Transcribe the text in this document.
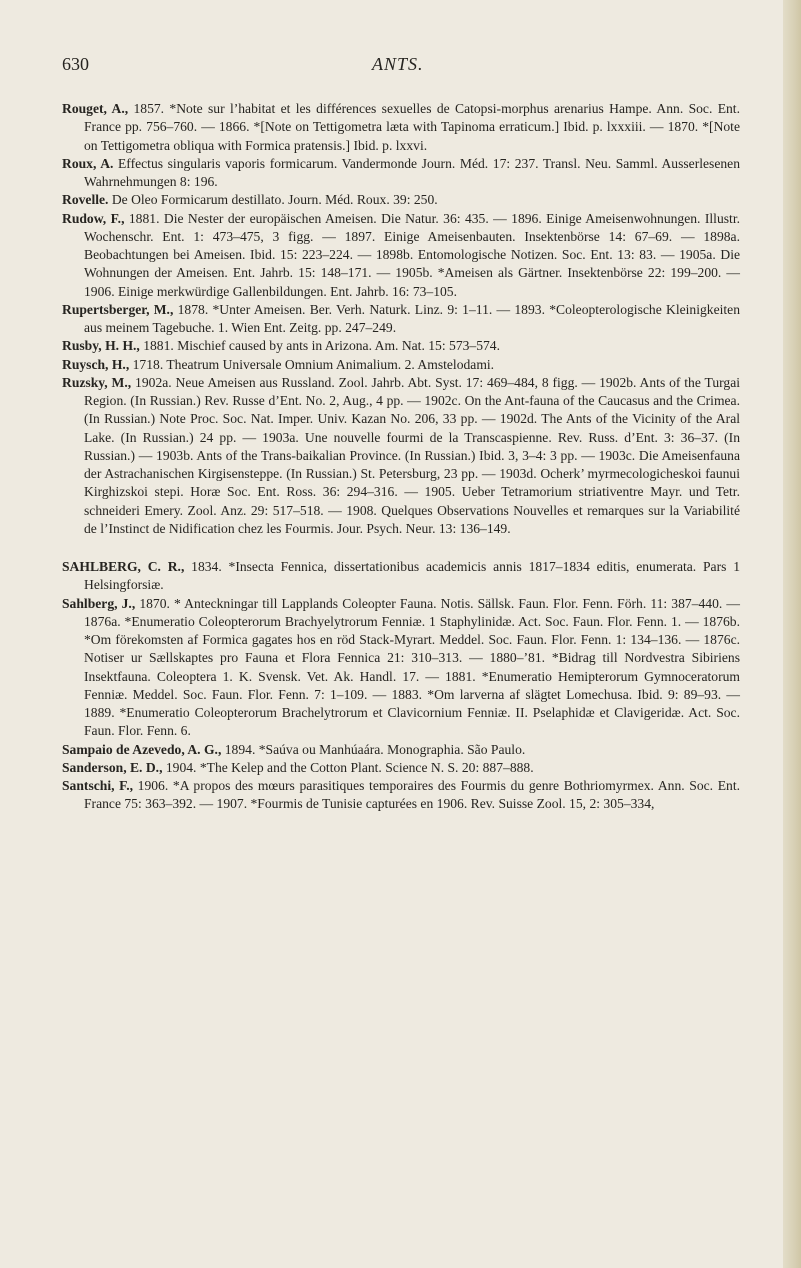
630	ANTS.

Rouget, A., 1857. *Note sur l’habitat et les différences sexuelles de Catopsi-morphus arenarius Hampe. Ann. Soc. Ent. France pp. 756–760. — 1866. *[Note on Tettigometra læta with Tapinoma erraticum.] Ibid. p. lxxxiii. — 1870. *[Note on Tettigometra obliqua with Formica pratensis.] Ibid. p. lxxvi.

Roux, A. Effectus singularis vaporis formicarum. Vandermonde Journ. Méd. 17: 237. Transl. Neu. Samml. Ausserlesenen Wahrnehmungen 8: 196.

Rovelle. De Oleo Formicarum destillato. Journ. Méd. Roux. 39: 250.

Rudow, F., 1881. Die Nester der europäischen Ameisen. Die Natur. 36: 435. — 1896. Einige Ameisenwohnungen. Illustr. Wochenschr. Ent. 1: 473–475, 3 figg. — 1897. Einige Ameisenbauten. Insektenbörse 14: 67–69. — 1898a. Beobachtungen bei Ameisen. Ibid. 15: 223–224. — 1898b. Entomologische Notizen. Soc. Ent. 13: 83. — 1905a. Die Wohnungen der Ameisen. Ent. Jahrb. 15: 148–171. — 1905b. *Ameisen als Gärtner. Insektenbörse 22: 199–200. — 1906. Einige merkwürdige Gallenbildungen. Ent. Jahrb. 16: 73–105.

Rupertsberger, M., 1878. *Unter Ameisen. Ber. Verh. Naturk. Linz. 9: 1–11. — 1893. *Coleopterologische Kleinigkeiten aus meinem Tagebuche. 1. Wien Ent. Zeitg. pp. 247–249.

Rusby, H. H., 1881. Mischief caused by ants in Arizona. Am. Nat. 15: 573–574.

Ruysch, H., 1718. Theatrum Universale Omnium Animalium. 2. Amstelodami.

Ruzsky, M., 1902a. Neue Ameisen aus Russland. Zool. Jahrb. Abt. Syst. 17: 469–484, 8 figg. — 1902b. Ants of the Turgai Region. (In Russian.) Rev. Russe d’Ent. No. 2, Aug., 4 pp. — 1902c. On the Ant-fauna of the Caucasus and the Crimea. (In Russian.) Note Proc. Soc. Nat. Imper. Univ. Kazan No. 206, 33 pp. — 1902d. The Ants of the Vicinity of the Aral Lake. (In Russian.) 24 pp. — 1903a. Une nouvelle fourmi de la Transcaspienne. Rev. Russ. d’Ent. 3: 36–37. (In Russian.) — 1903b. Ants of the Trans-baikalian Province. (In Russian.) Ibid. 3, 3–4: 3 pp. — 1903c. Die Ameisenfauna der Astrachanischen Kirgisensteppe. (In Russian.) St. Petersburg, 23 pp. — 1903d. Ocherk’ myrmecologicheskoi faunui Kirghizskoi stepi. Horæ Soc. Ent. Ross. 36: 294–316. — 1905. Ueber Tetramorium striativentre Mayr. und Tetr. schneideri Emery. Zool. Anz. 29: 517–518. — 1908. Quelques Observations Nouvelles et remarques sur la Variabilité de l’Instinct de Nidification chez les Fourmis. Jour. Psych. Neur. 13: 136–149.

SAHLBERG, C. R., 1834. *Insecta Fennica, dissertationibus academicis annis 1817–1834 editis, enumerata. Pars 1 Helsingforsiæ.

Sahlberg, J., 1870. * Anteckningar till Lapplands Coleopter Fauna. Notis. Sällsk. Faun. Flor. Fenn. Förh. 11: 387–440. — 1876a. *Enumeratio Coleopterorum Brachyelytrorum Fenniæ. 1 Staphylinidæ. Act. Soc. Faun. Flor. Fenn. 1. — 1876b. *Om förekomsten af Formica gagates hos en röd Stack-Myrart. Meddel. Soc. Faun. Flor. Fenn. 1: 134–136. — 1876c. Notiser ur Sællskaptes pro Fauna et Flora Fennica 21: 310–313. — 1880–’81. *Bidrag till Nordvestra Sibiriens Insektfauna. Coleoptera 1. K. Svensk. Vet. Ak. Handl. 17. — 1881. *Enumeratio Hemipterorum Gymnoceratorum Fenniæ. Meddel. Soc. Faun. Flor. Fenn. 7: 1–109. — 1883. *Om larverna af slägtet Lomechusa. Ibid. 9: 89–93. — 1889. *Enumeratio Coleopterorum Brachelytrorum et Clavicornium Fenniæ. II. Pselaphidæ et Clavigeridæ. Act. Soc. Faun. Flor. Fenn. 6.

Sampaio de Azevedo, A. G., 1894. *Saúva ou Manhúaára. Monographia. São Paulo.

Sanderson, E. D., 1904. *The Kelep and the Cotton Plant. Science N. S. 20: 887–888.

Santschi, F., 1906. *A propos des mœurs parasitiques temporaires des Fourmis du genre Bothriomyrmex. Ann. Soc. Ent. France 75: 363–392. — 1907. *Fourmis de Tunisie capturées en 1906. Rev. Suisse Zool. 15, 2: 305–334,
